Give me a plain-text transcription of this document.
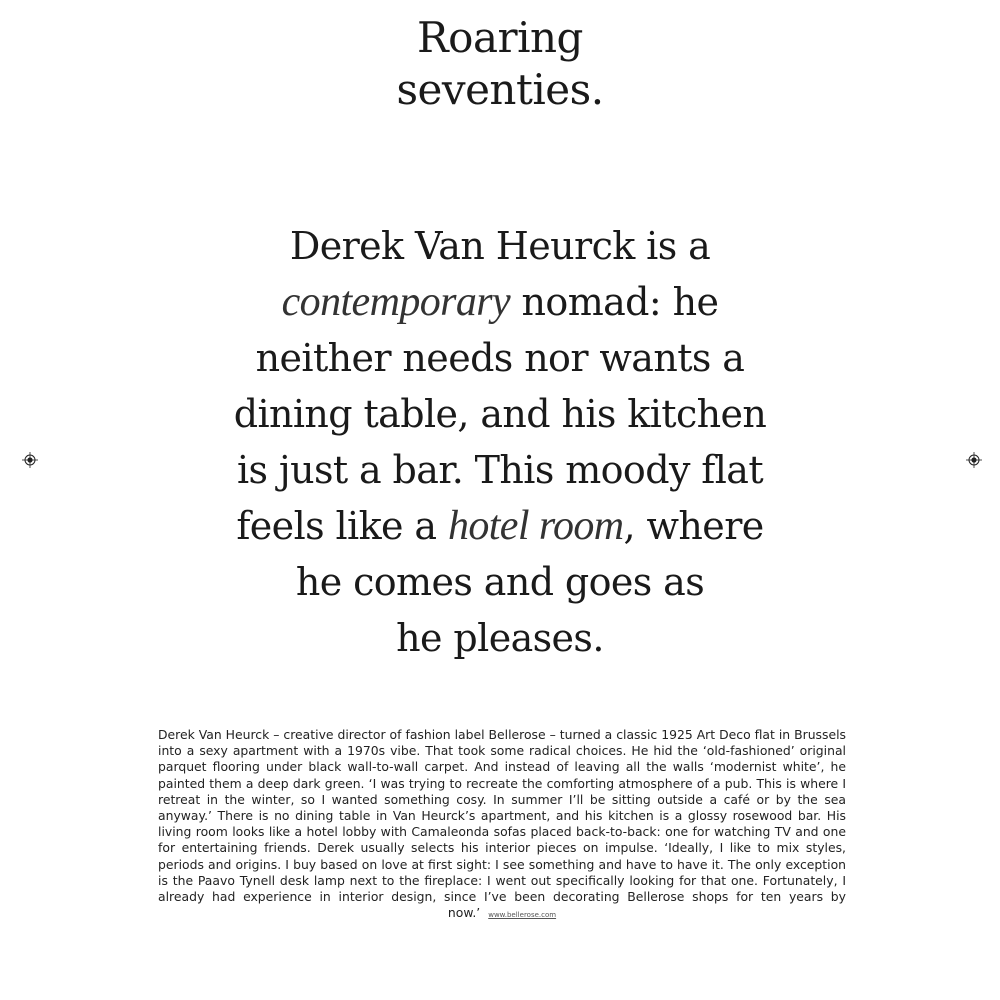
Roaring
seventies.
Derek Van Heurck is a
contemporary nomad: he
neither needs nor wants a
dining table, and his kitchen
is just a bar. This moody flat
feels like a hotel room, where
he comes and goes as
he pleases.
Derek Van Heurck – creative director of fashion label Bellerose – turned a classic 1925 Art Deco flat in Brussels into a sexy apartment with a 1970s vibe. That took some radical choices. He hid the ‘old-fashioned’ original parquet flooring under black wall-to-wall carpet. And instead of leaving all the walls ‘modernist white’, he painted them a deep dark green. ‘I was trying to recreate the comforting atmosphere of a pub. This is where I retreat in the winter, so I wanted something cosy. In summer I’ll be sitting outside a café or by the sea anyway.’ There is no dining table in Van Heurck’s apartment, and his kitchen is a glossy rosewood bar. His living room looks like a hotel lobby with Camaleonda sofas placed back-to-back: one for watching TV and one for entertaining friends. Derek usually selects his interior pieces on impulse. ‘Ideally, I like to mix styles, periods and origins. I buy based on love at first sight: I see something and have to have it. The only exception is the Paavo Tynell desk lamp next to the fireplace: I went out specifically looking for that one. Fortunately, I already had experience in interior design, since I’ve been decorating Bellerose shops for ten years by now.’ www.bellerose.com
